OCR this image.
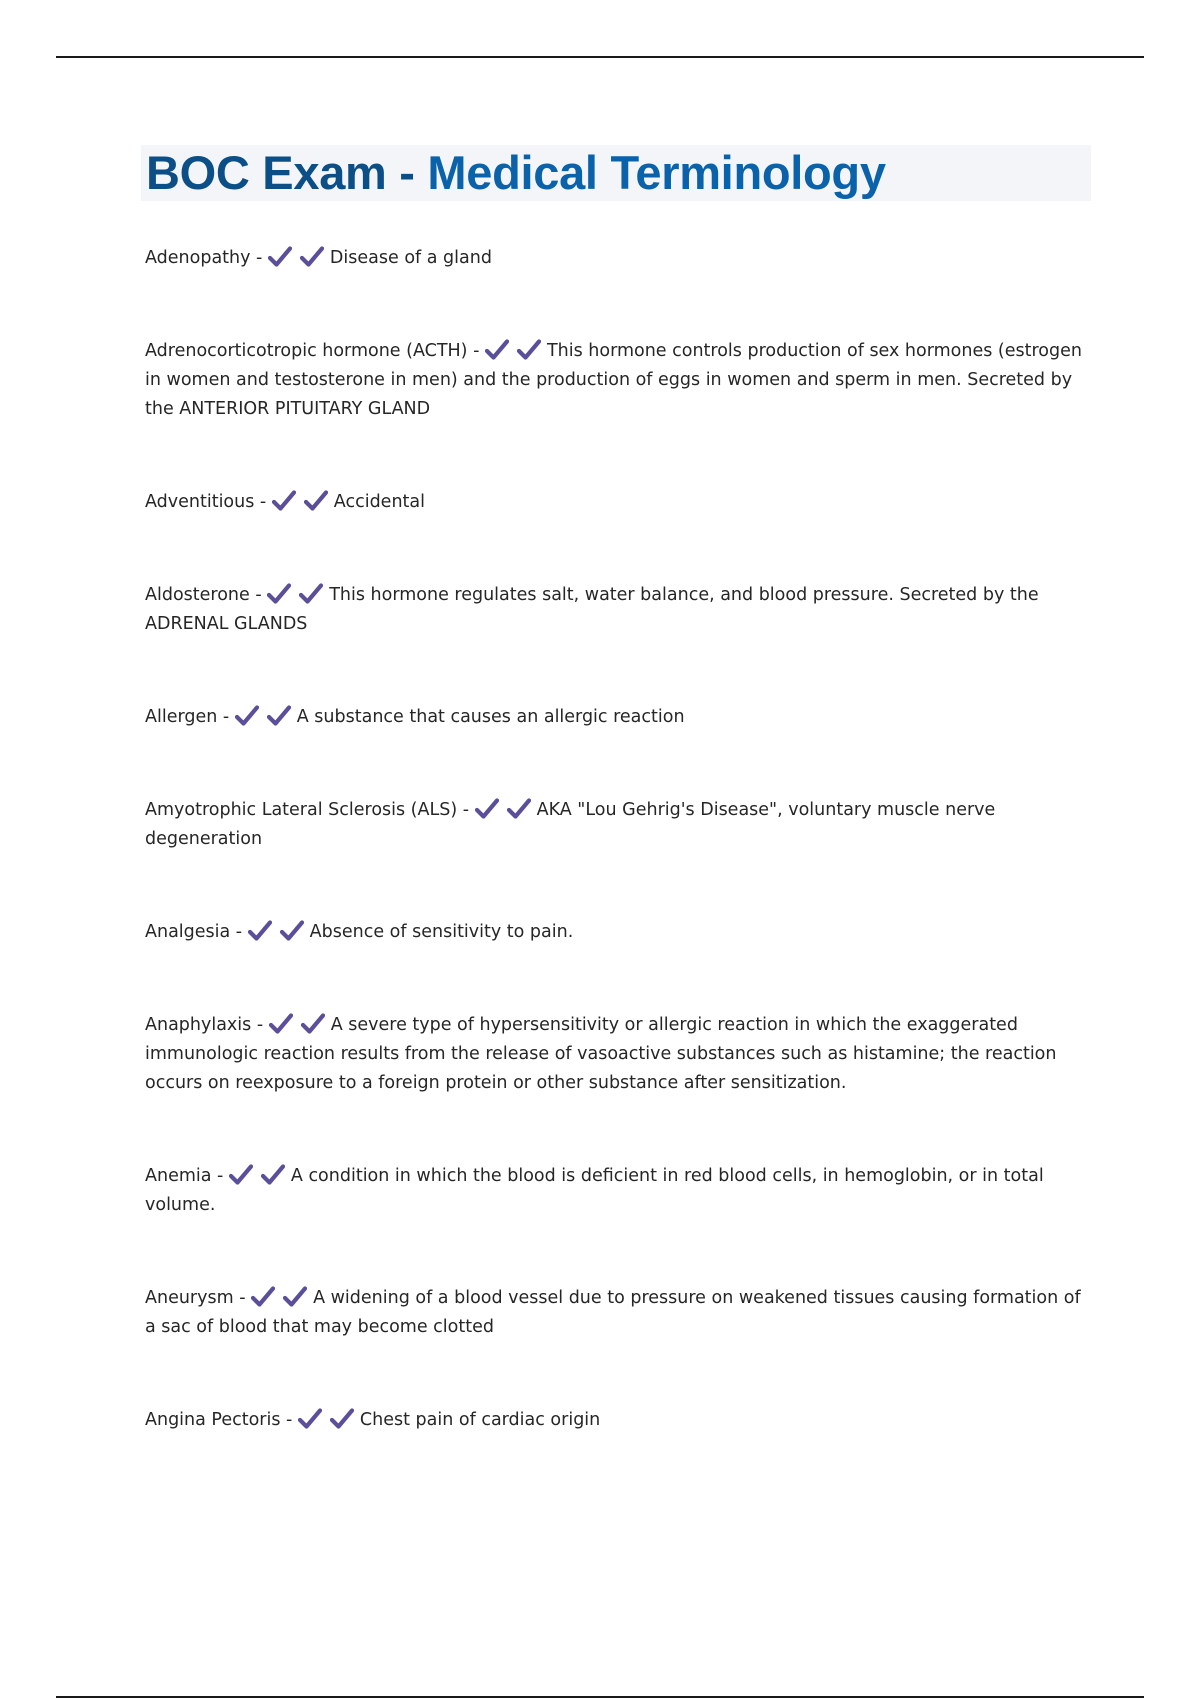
BOC Exam - Medical Terminology

Adenopathy -	Disease of a gland

Adrenocorticotropic hormone (ACTH) -	This hormone controls production of sex hormones (estrogen in women and testosterone in men) and the production of eggs in women and sperm in men. Secreted by the ANTERIOR PITUITARY GLAND

Adventitious -	Accidental

Aldosterone -	This hormone regulates salt, water balance, and blood pressure. Secreted by the ADRENAL GLANDS

Allergen -	A substance that causes an allergic reaction

Amyotrophic Lateral Sclerosis (ALS) -	AKA "Lou Gehrig's Disease", voluntary muscle nerve degeneration

Analgesia -	Absence of sensitivity to pain.

Anaphylaxis -	A severe type of hypersensitivity or allergic reaction in which the exaggerated immunologic reaction results from the release of vasoactive substances such as histamine; the reaction occurs on reexposure to a foreign protein or other substance after sensitization.

Anemia -	A condition in which the blood is deficient in red blood cells, in hemoglobin, or in total volume.

Aneurysm -	A widening of a blood vessel due to pressure on weakened tissues causing formation of a sac of blood that may become clotted

Angina Pectoris -	Chest pain of cardiac origin
